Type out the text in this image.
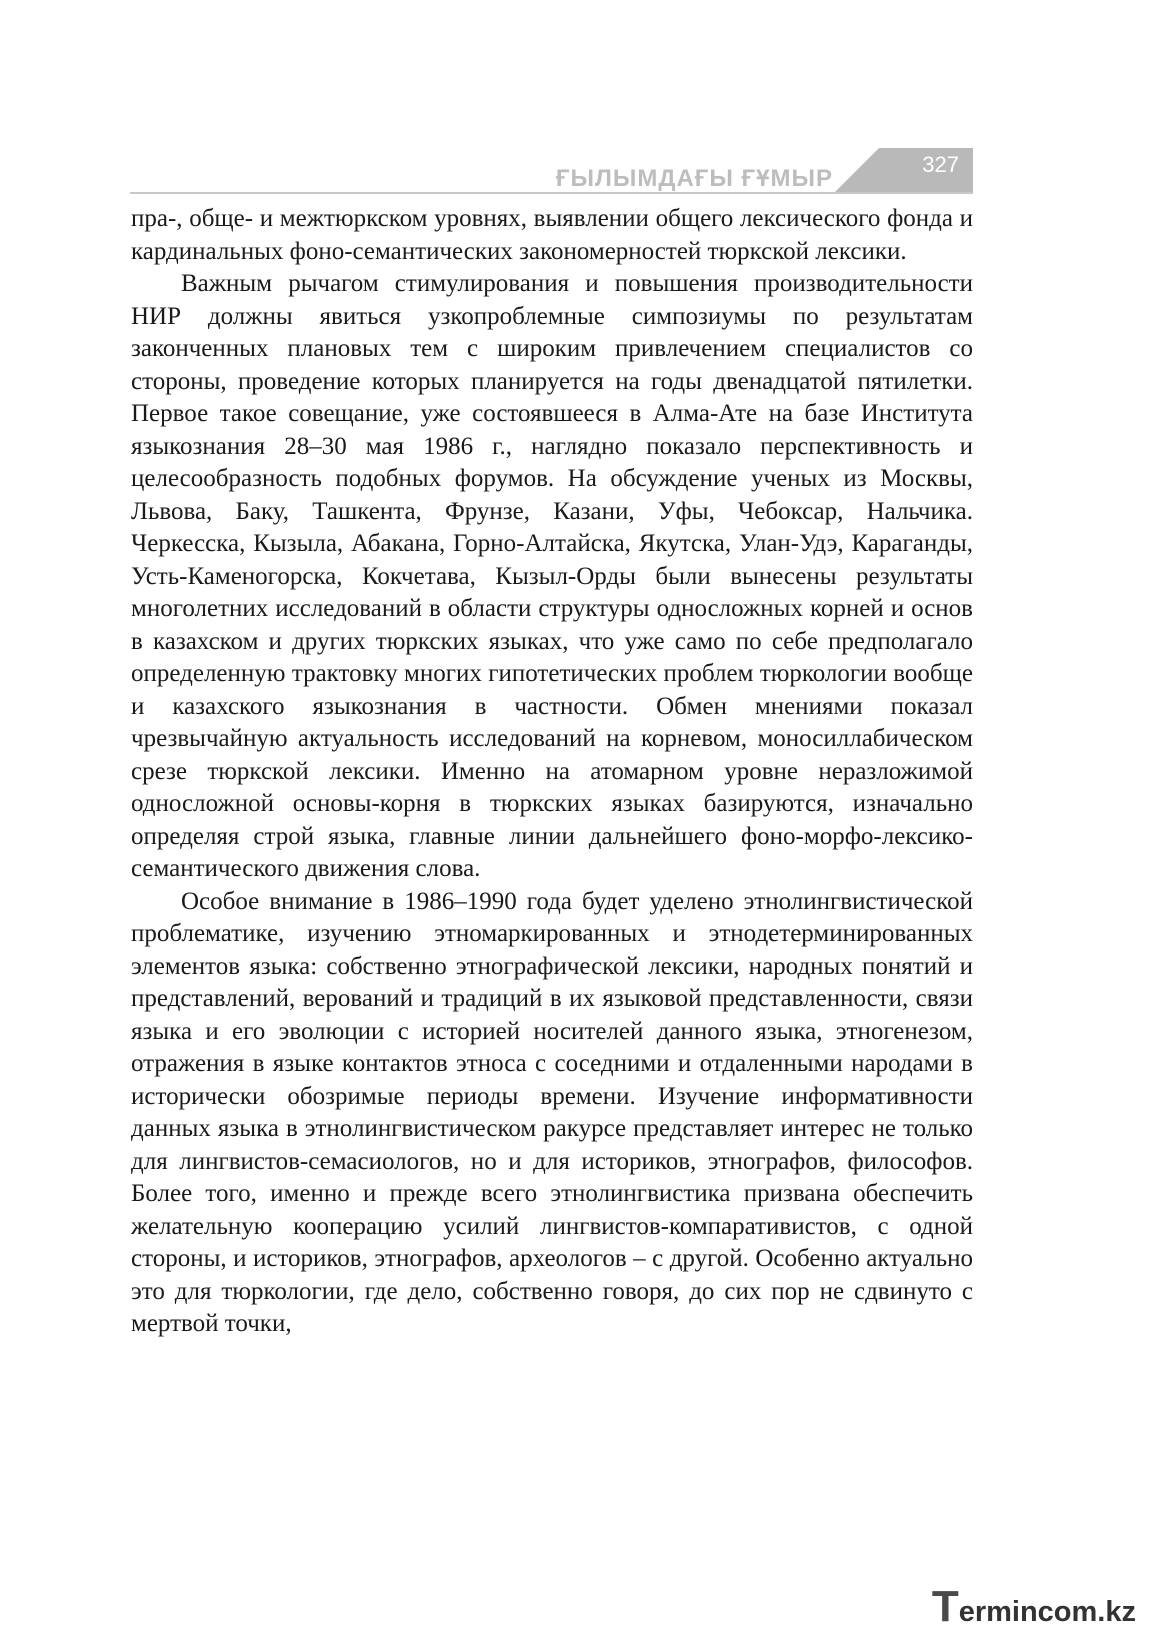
ҒЫЛЫМДАҒЫ ҒҰМЫР
327

пра-, обще- и межтюркском уровнях, выявлении общего лексического фонда и кардинальных фоно-семантических закономерностей тюркской лексики.

Важным рычагом стимулирования и повышения производительности НИР должны явиться узкопроблемные симпозиумы по результатам законченных плановых тем с широким привлечением специалистов со стороны, проведение которых планируется на годы двенадцатой пятилетки. Первое такое совещание, уже состоявшееся в Алма-Ате на базе Института языкознания 28–30 мая 1986 г., наглядно показало перспективность и целесообразность подобных форумов. На обсуждение ученых из Москвы, Львова, Баку, Ташкента, Фрунзе, Казани, Уфы, Чебоксар, Нальчика. Черкесска, Кызыла, Абакана, Горно-Алтайска, Якутска, Улан-Удэ, Караганды, Усть-Каменогорска, Кокчетава, Кызыл-Орды были вынесены результаты многолетних исследований в области структуры односложных корней и основ в казахском и других тюркских языках, что уже само по себе предполагало определенную трактовку многих гипотетических проблем тюркологии вообще и казахского языкознания в частности. Обмен мнениями показал чрезвычайную актуальность исследований на корневом, моносиллабическом срезе тюркской лексики. Именно на атомарном уровне неразложимой односложной основы-корня в тюркских языках базируются, изначально определяя строй языка, главные линии дальнейшего фоно-морфо-лексико-семантического движения слова.

Особое внимание в 1986–1990 года будет уделено этнолингвистической проблематике, изучению этномаркированных и этнодетерминированных элементов языка: собственно этнографической лексики, народных понятий и представлений, верований и традиций в их языковой представленности, связи языка и его эволюции с историей носителей данного языка, этногенезом, отражения в языке контактов этноса с соседними и отдаленными народами в исторически обозримые периоды времени. Изучение информативности данных языка в этнолингвистическом ракурсе представляет интерес не только для лингвистов-семасиологов, но и для историков, этнографов, философов. Более того, именно и прежде всего этнолингвистика призвана обеспечить желательную кооперацию усилий лингвистов-компаративистов, с одной стороны, и историков, этнографов, археологов – с другой. Особенно актуально это для тюркологии, где дело, собственно говоря, до сих пор не сдвинуто с мертвой точки,

T ermincom.kz
